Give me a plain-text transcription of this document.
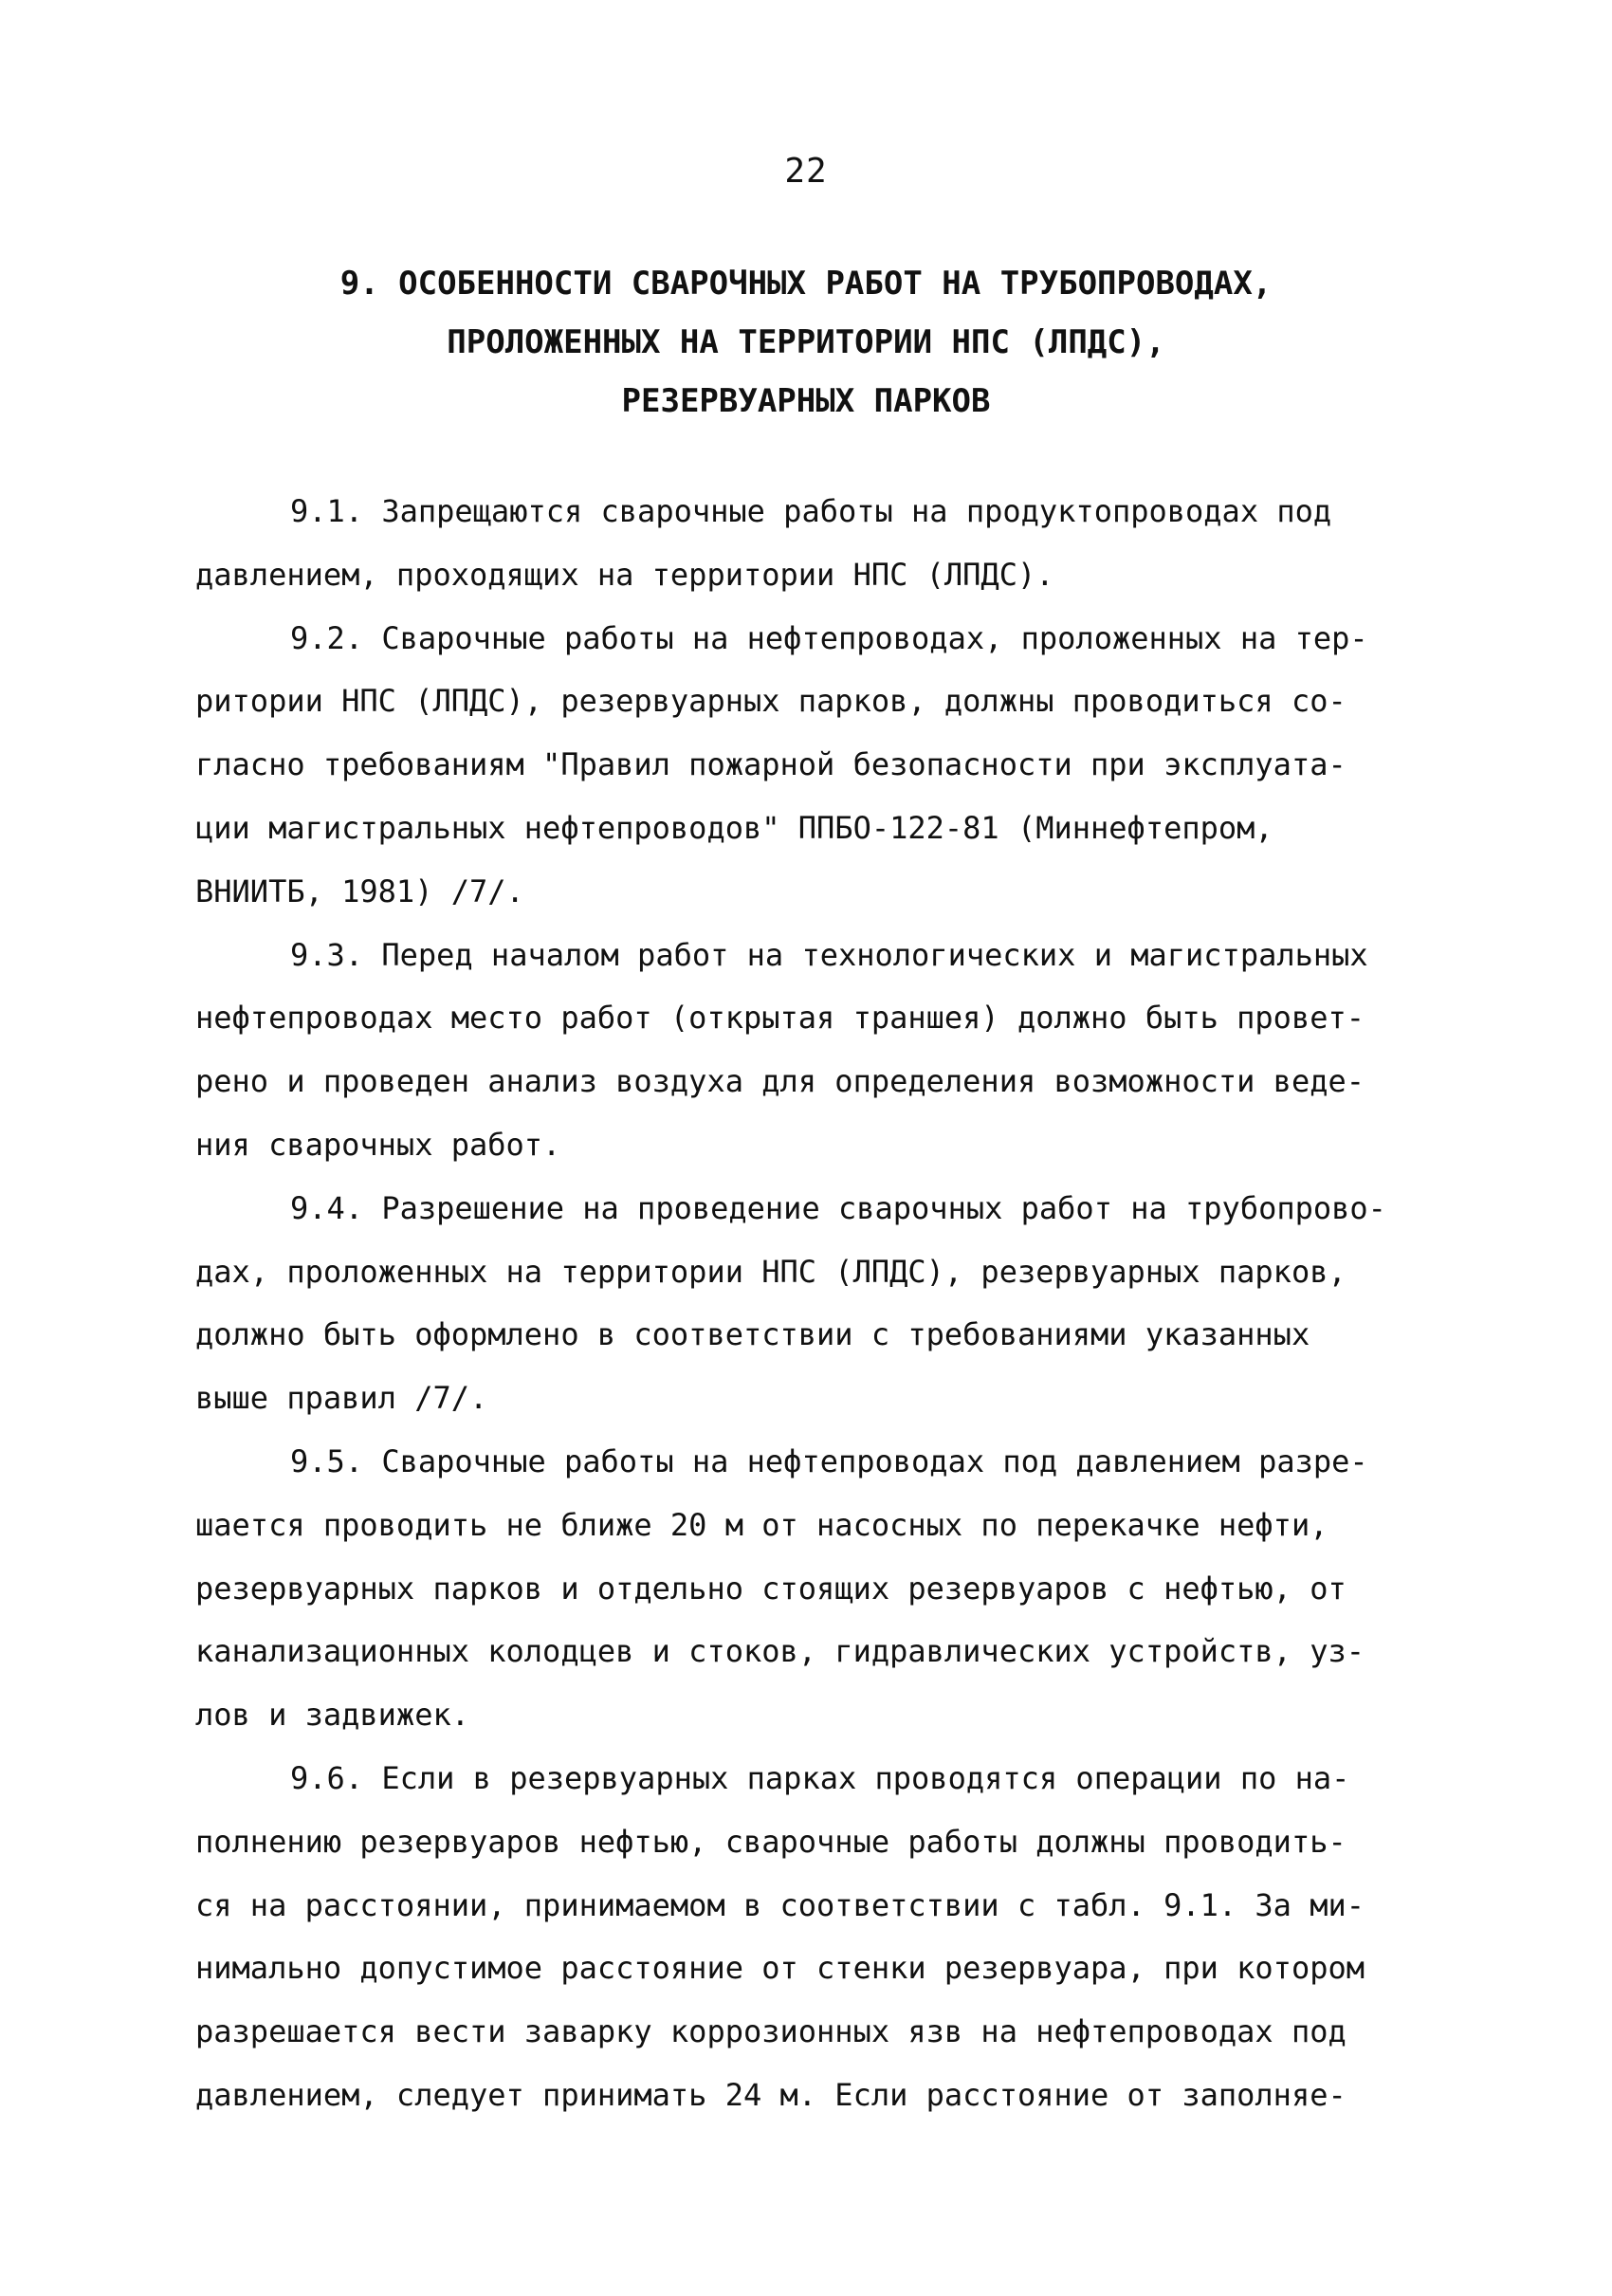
22
9. ОСОБЕННОСТИ СВАРОЧНЫХ РАБОТ НА ТРУБОПРОВОДАХ,
ПРОЛОЖЕННЫХ НА ТЕРРИТОРИИ НПС (ЛПДС),
РЕЗЕРВУАРНЫХ ПАРКОВ

9.1. Запрещаются сварочные работы на продуктопроводах под
давлением, проходящих на территории НПС (ЛПДС).

9.2. Сварочные работы на нефтепроводах, проложенных на тер-
ритории НПС (ЛПДС), резервуарных парков, должны проводиться со-
гласно требованиям "Правил пожарной безопасности при эксплуата-
ции магистральных нефтепроводов" ППБО-122-81 (Миннефтепром,
ВНИИТБ, 1981) /7/.

9.3. Перед началом работ на технологических и магистральных
нефтепроводах место работ (открытая траншея) должно быть провет-
рено и проведен анализ воздуха для определения возможности веде-
ния сварочных работ.

9.4. Разрешение на проведение сварочных работ на трубопрово-
дах, проложенных на территории НПС (ЛПДС), резервуарных парков,
должно быть оформлено в соответствии с требованиями указанных
выше правил /7/.

9.5. Сварочные работы на нефтепроводах под давлением разре-
шается проводить не ближе 20 м от насосных по перекачке нефти,
резервуарных парков и отдельно стоящих резервуаров с нефтью, от
канализационных колодцев и стоков, гидравлических устройств, уз-
лов и задвижек.

9.6. Если в резервуарных парках проводятся операции по на-
полнению резервуаров нефтью, сварочные работы должны проводить-
ся на расстоянии, принимаемом в соответствии с табл. 9.1. За ми-
нимально допустимое расстояние от стенки резервуара, при котором
разрешается вести заварку коррозионных язв на нефтепроводах под
давлением, следует принимать 24 м. Если расстояние от заполняе-
